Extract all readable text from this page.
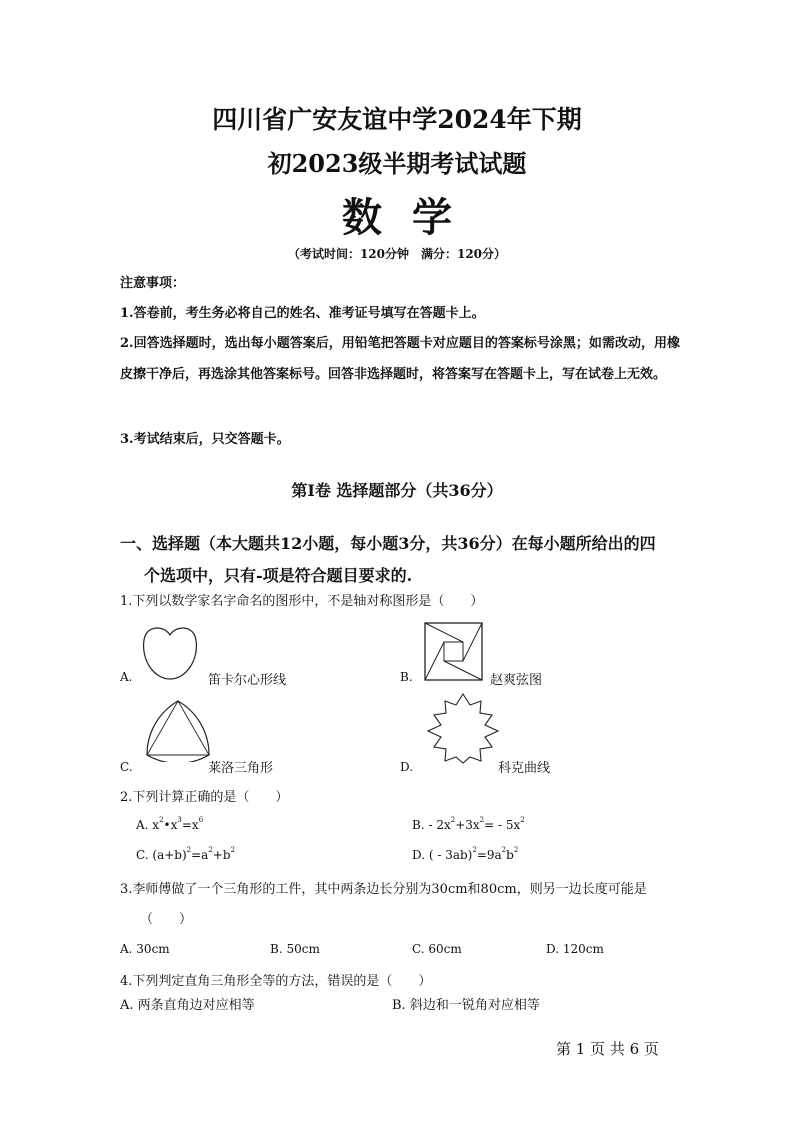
四川省广安友谊中学2024年下期
初2023级半期考试试题
数学
（考试时间：120分钟　满分：120分）
注意事项：
1.答卷前，考生务必将自己的姓名、准考证号填写在答题卡上。
2.回答选择题时，选出每小题答案后，用铅笔把答题卡对应题目的答案标号涂黑；如需改动，用橡皮擦干净后，再选涂其他答案标号。回答非选择题时，将答案写在答题卡上，写在试卷上无效。
3.考试结束后，只交答题卡。
第Ⅰ卷 选择题部分（共36分）
一、选择题（本大题共12小题，每小题3分，共36分）在每小题所给出的四
个选项中，只有-项是符合题目要求的.
1.下列以数学家名字命名的图形中，不是轴对称图形是（　　）
A.	笛卡尔心形线	B.	赵爽弦图
C.	莱洛三角形	D.	科克曲线
2.下列计算正确的是（　　）
A. $x^2•x^3=x^6$	B. - $2x^2+3x^2= - 5x^2$
C. $(a+b)^2=a^2+b^2$	D. ( - $3ab)^2=9a^2b^2$
3.李师傅做了一个三角形的工件，其中两条边长分别为30cm和80cm，则另一边长度可能是
（　　）
A. 30cm	B. 50cm	C. 60cm	D. 120cm
4.下列判定直角三角形全等的方法，错误的是（　　）
A. 两条直角边对应相等	B. 斜边和一锐角对应相等
第 1 页 共 6 页
